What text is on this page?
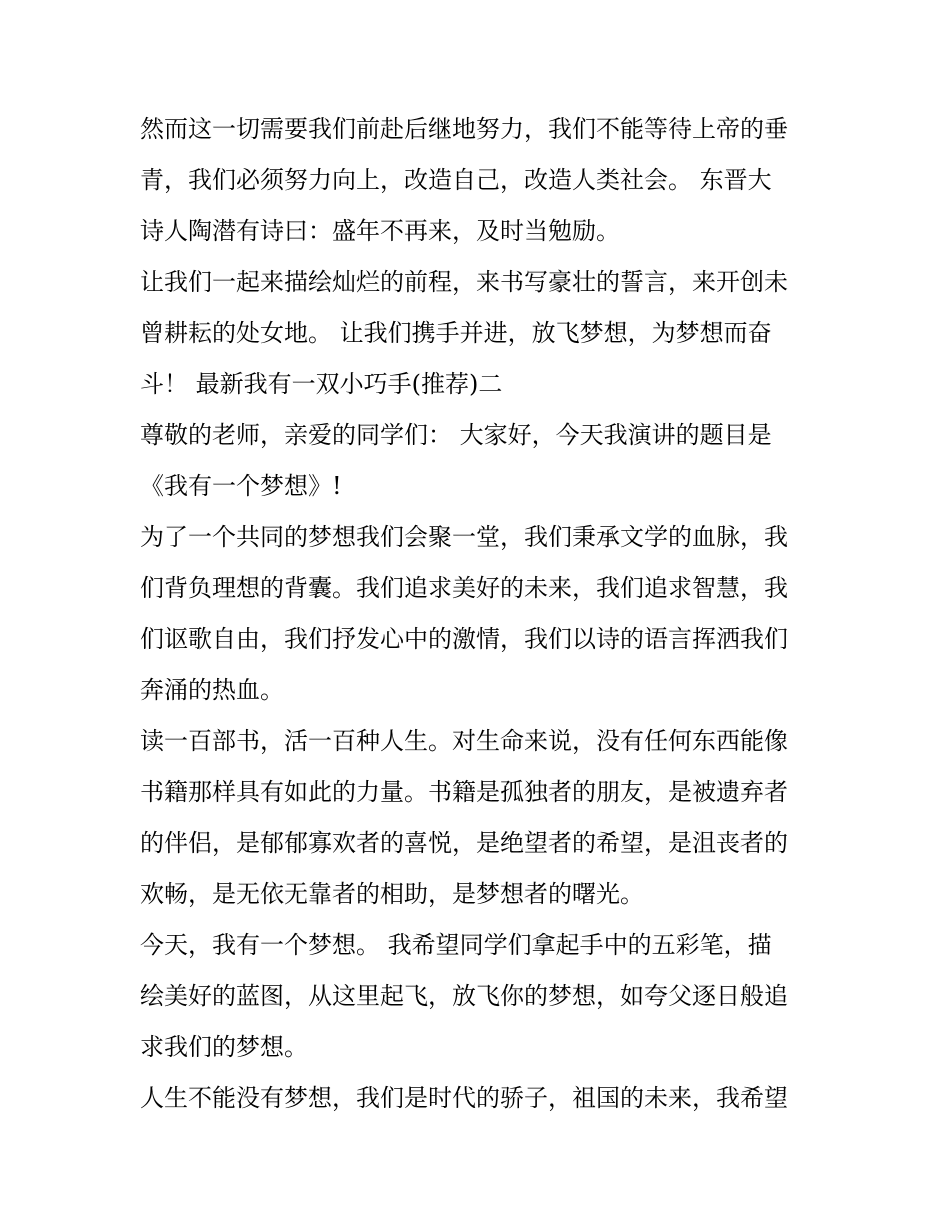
然而这一切需要我们前赴后继地努力，我们不能等待上帝的垂
青，我们必须努力向上，改造自己，改造人类社会。 东晋大
诗人陶潜有诗曰：盛年不再来，及时当勉励。
让我们一起来描绘灿烂的前程，来书写豪壮的誓言，来开创未
曾耕耘的处女地。 让我们携手并进，放飞梦想，为梦想而奋
斗！ 最新我有一双小巧手(推荐)二
尊敬的老师，亲爱的同学们： 大家好，今天我演讲的题目是
《我有一个梦想》!
为了一个共同的梦想我们会聚一堂，我们秉承文学的血脉，我
们背负理想的背囊。我们追求美好的未来，我们追求智慧，我
们讴歌自由，我们抒发心中的激情，我们以诗的语言挥洒我们
奔涌的热血。
读一百部书，活一百种人生。对生命来说，没有任何东西能像
书籍那样具有如此的力量。书籍是孤独者的朋友，是被遗弃者
的伴侣，是郁郁寡欢者的喜悦，是绝望者的希望，是沮丧者的
欢畅，是无依无靠者的相助，是梦想者的曙光。
今天，我有一个梦想。 我希望同学们拿起手中的五彩笔，描
绘美好的蓝图，从这里起飞，放飞你的梦想，如夸父逐日般追
求我们的梦想。
人生不能没有梦想，我们是时代的骄子，祖国的未来，我希望
